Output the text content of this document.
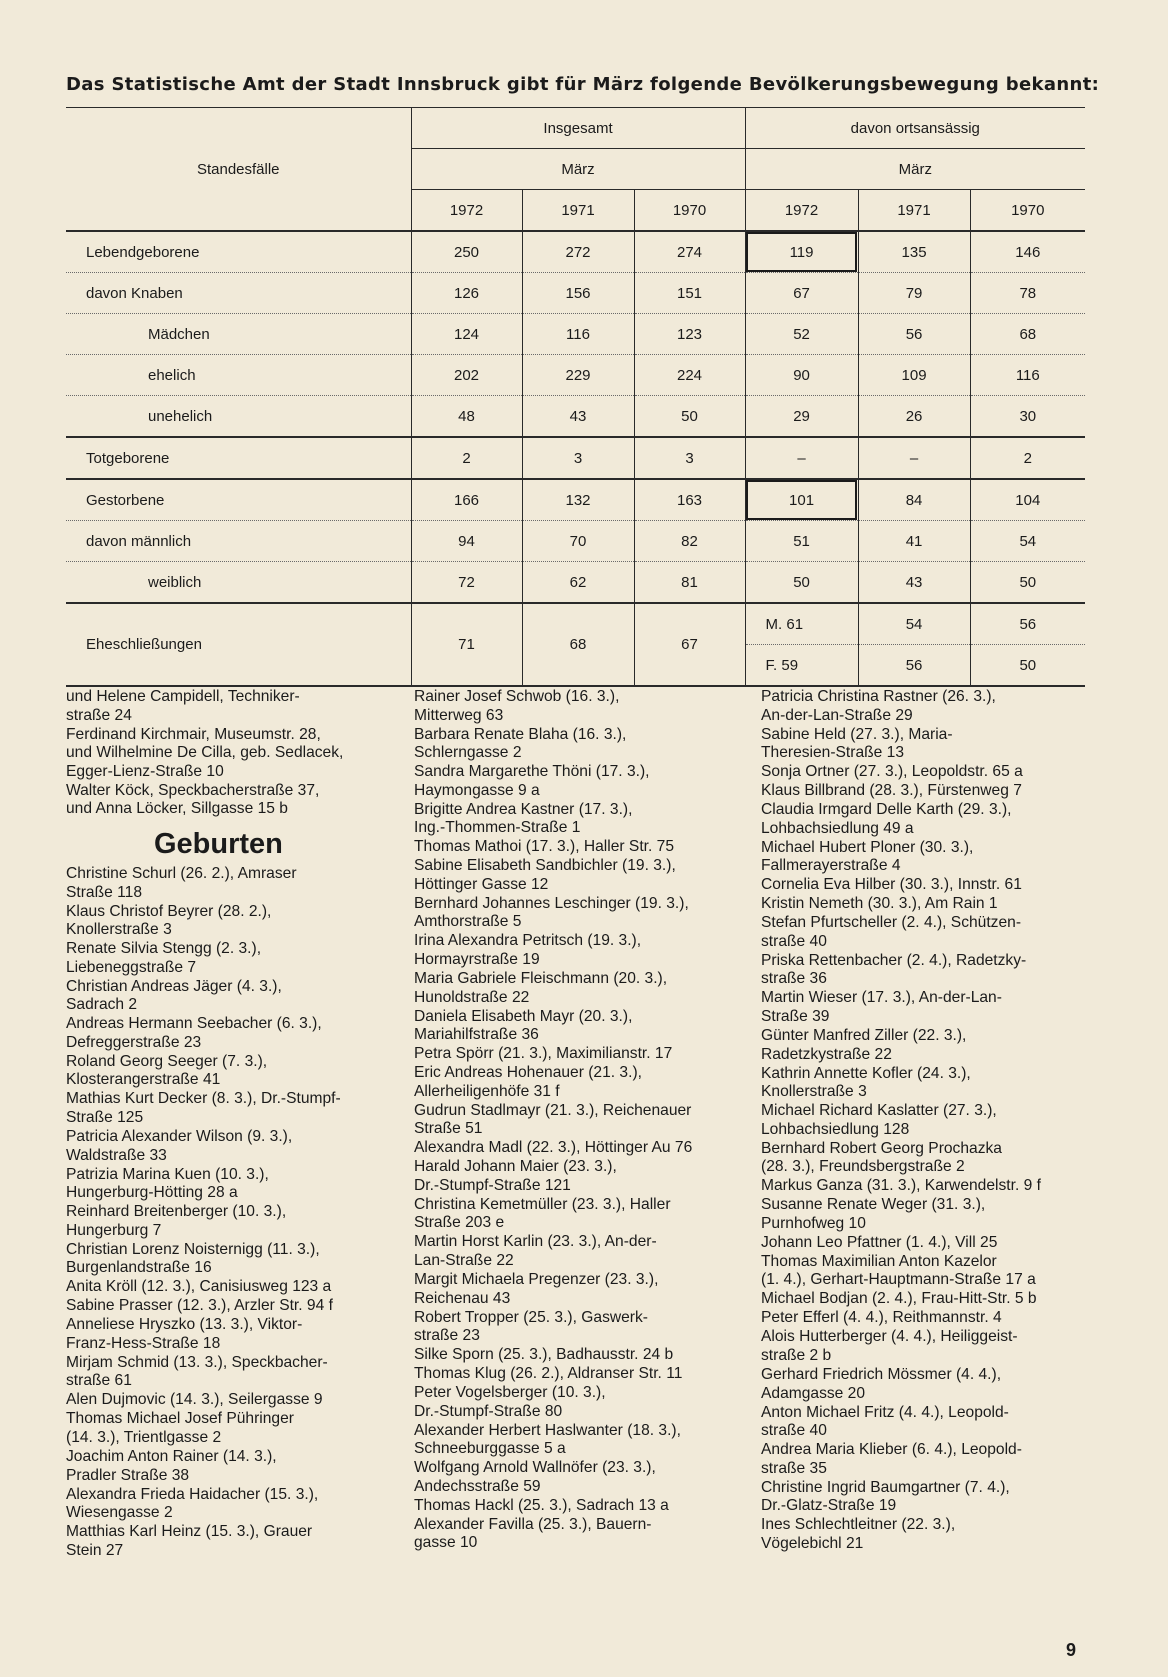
Das Statistische Amt der Stadt Innsbruck gibt für März folgende Bevölkerungsbewegung bekannt:
Standesfälle	Insgesamt			davon ortsansässig		
	März			März		
	1972	1971	1970	1972	1971	1970
Lebendgeborene	250	272	274	119	135	146
davon Knaben	126	156	151	67	79	78
Mädchen	124	116	123	52	56	68
ehelich	202	229	224	90	109	116
unehelich	48	43	50	29	26	30
Totgeborene	2	3	3	–	–	2
Gestorbene	166	132	163	101	84	104
davon männlich	94	70	82	51	41	54
weiblich	72	62	81	50	43	50
Eheschließungen	71	68	67	M. 61	54	56
				F. 59	56	50
und Helene Campidell, Techniker-
straße 24
Ferdinand Kirchmair, Museumstr. 28,
und Wilhelmine De Cilla, geb. Sedlacek,
Egger-Lienz-Straße 10
Walter Köck, Speckbacherstraße 37,
und Anna Löcker, Sillgasse 15 b
Geburten
Christine Schurl (26. 2.), Amraser
Straße 118
Klaus Christof Beyrer (28. 2.),
Knollerstraße 3
Renate Silvia Stengg (2. 3.),
Liebeneggstraße 7
Christian Andreas Jäger (4. 3.),
Sadrach 2
Andreas Hermann Seebacher (6. 3.),
Defreggerstraße 23
Roland Georg Seeger (7. 3.),
Klosterangerstraße 41
Mathias Kurt Decker (8. 3.), Dr.-Stumpf-
Straße 125
Patricia Alexander Wilson (9. 3.),
Waldstraße 33
Patrizia Marina Kuen (10. 3.),
Hungerburg-Hötting 28 a
Reinhard Breitenberger (10. 3.),
Hungerburg 7
Christian Lorenz Noisternigg (11. 3.),
Burgenlandstraße 16
Anita Kröll (12. 3.), Canisiusweg 123 a
Sabine Prasser (12. 3.), Arzler Str. 94 f
Anneliese Hryszko (13. 3.), Viktor-
Franz-Hess-Straße 18
Mirjam Schmid (13. 3.), Speckbacher-
straße 61
Alen Dujmovic (14. 3.), Seilergasse 9
Thomas Michael Josef Pühringer
(14. 3.), Trientlgasse 2
Joachim Anton Rainer (14. 3.),
Pradler Straße 38
Alexandra Frieda Haidacher (15. 3.),
Wiesengasse 2
Matthias Karl Heinz (15. 3.), Grauer
Stein 27
Rainer Josef Schwob (16. 3.),
Mitterweg 63
Barbara Renate Blaha (16. 3.),
Schlerngasse 2
Sandra Margarethe Thöni (17. 3.),
Haymongasse 9 a
Brigitte Andrea Kastner (17. 3.),
Ing.-Thommen-Straße 1
Thomas Mathoi (17. 3.), Haller Str. 75
Sabine Elisabeth Sandbichler (19. 3.),
Höttinger Gasse 12
Bernhard Johannes Leschinger (19. 3.),
Amthorstraße 5
Irina Alexandra Petritsch (19. 3.),
Hormayrstraße 19
Maria Gabriele Fleischmann (20. 3.),
Hunoldstraße 22
Daniela Elisabeth Mayr (20. 3.),
Mariahilfstraße 36
Petra Spörr (21. 3.), Maximilianstr. 17
Eric Andreas Hohenauer (21. 3.),
Allerheiligenhöfe 31 f
Gudrun Stadlmayr (21. 3.), Reichenauer
Straße 51
Alexandra Madl (22. 3.), Höttinger Au 76
Harald Johann Maier (23. 3.),
Dr.-Stumpf-Straße 121
Christina Kemetmüller (23. 3.), Haller
Straße 203 e
Martin Horst Karlin (23. 3.), An-der-
Lan-Straße 22
Margit Michaela Pregenzer (23. 3.),
Reichenau 43
Robert Tropper (25. 3.), Gaswerk-
straße 23
Silke Sporn (25. 3.), Badhausstr. 24 b
Thomas Klug (26. 2.), Aldranser Str. 11
Peter Vogelsberger (10. 3.),
Dr.-Stumpf-Straße 80
Alexander Herbert Haslwanter (18. 3.),
Schneeburggasse 5 a
Wolfgang Arnold Wallnöfer (23. 3.),
Andechsstraße 59
Thomas Hackl (25. 3.), Sadrach 13 a
Alexander Favilla (25. 3.), Bauern-
gasse 10
Patricia Christina Rastner (26. 3.),
An-der-Lan-Straße 29
Sabine Held (27. 3.), Maria-
Theresien-Straße 13
Sonja Ortner (27. 3.), Leopoldstr. 65 a
Klaus Billbrand (28. 3.), Fürstenweg 7
Claudia Irmgard Delle Karth (29. 3.),
Lohbachsiedlung 49 a
Michael Hubert Ploner (30. 3.),
Fallmerayerstraße 4
Cornelia Eva Hilber (30. 3.), Innstr. 61
Kristin Nemeth (30. 3.), Am Rain 1
Stefan Pfurtscheller (2. 4.), Schützen-
straße 40
Priska Rettenbacher (2. 4.), Radetzky-
straße 36
Martin Wieser (17. 3.), An-der-Lan-
Straße 39
Günter Manfred Ziller (22. 3.),
Radetzkystraße 22
Kathrin Annette Kofler (24. 3.),
Knollerstraße 3
Michael Richard Kaslatter (27. 3.),
Lohbachsiedlung 128
Bernhard Robert Georg Prochazka
(28. 3.), Freundsbergstraße 2
Markus Ganza (31. 3.), Karwendelstr. 9 f
Susanne Renate Weger (31. 3.),
Purnhofweg 10
Johann Leo Pfattner (1. 4.), Vill 25
Thomas Maximilian Anton Kazelor
(1. 4.), Gerhart-Hauptmann-Straße 17 a
Michael Bodjan (2. 4.), Frau-Hitt-Str. 5 b
Peter Efferl (4. 4.), Reithmannstr. 4
Alois Hutterberger (4. 4.), Heiliggeist-
straße 2 b
Gerhard Friedrich Mössmer (4. 4.),
Adamgasse 20
Anton Michael Fritz (4. 4.), Leopold-
straße 40
Andrea Maria Klieber (6. 4.), Leopold-
straße 35
Christine Ingrid Baumgartner (7. 4.),
Dr.-Glatz-Straße 19
Ines Schlechtleitner (22. 3.),
Vögelebichl 21
9
